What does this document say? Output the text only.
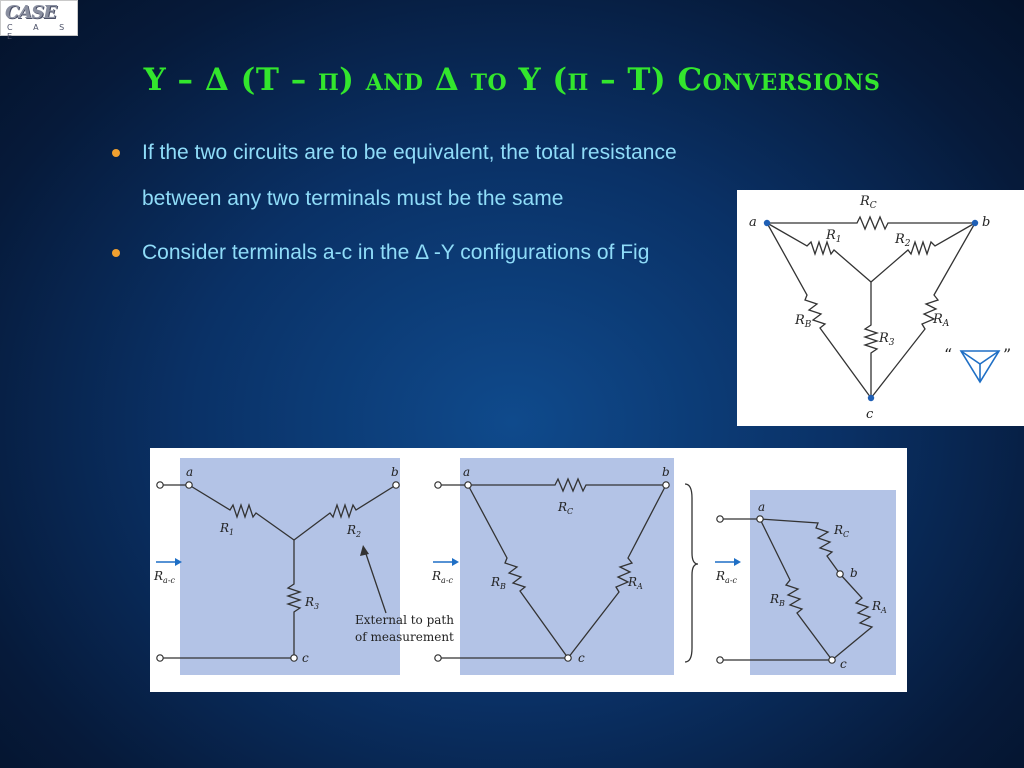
CASE
C A S E
Y – Δ (T – π) and Δ to Y (π – T) Conversions
If the two circuits are to be equivalent, the total resistance between any two terminals must be the same
Consider terminals a-c in the Δ -Y configurations of Fig
a	b
c
$R_C$
$R_1$	$R_2$
$R_B$	$R_A$
$R_3$
“	”
a	b
c
$R_1$	$R_2$
$R_3$
$R_{a-c}$
External to path
of measurement
a	b
c
$R_C$
$R_B$	$R_A$
$R_{a-c}$
a
b
c
$R_C$
$R_B$	$R_A$
$R_{a-c}$
